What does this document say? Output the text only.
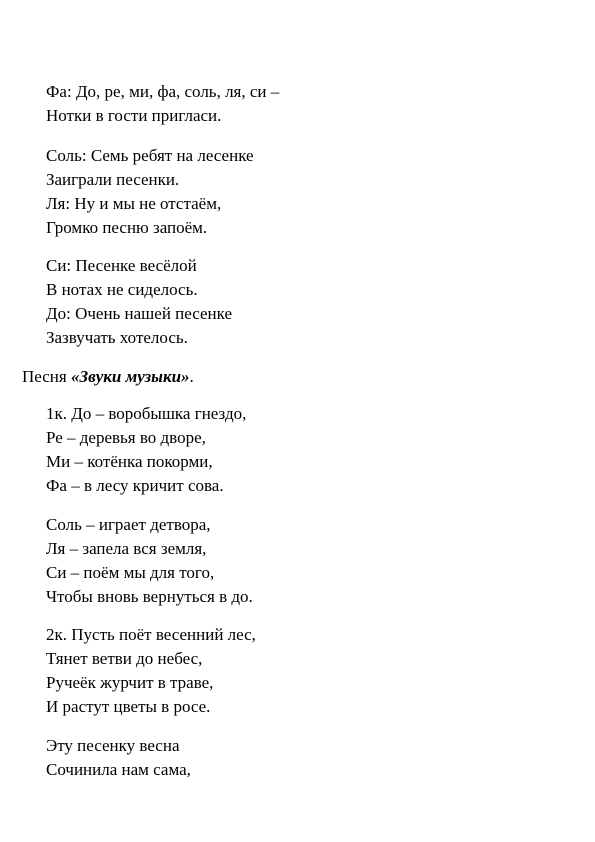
Фа: До, ре, ми, фа, соль, ля, си –
Нотки в гости пригласи.
Соль: Семь ребят на лесенке
Заиграли песенки.
Ля: Ну и мы не отстаём,
Громко песню запоём.
Си: Песенке весёлой
В нотах не сиделось.
До: Очень нашей песенке
Зазвучать хотелось.
Песня «Звуки музыки».
1к. До – воробышка гнездо,
Ре – деревья во дворе,
Ми – котёнка покорми,
Фа – в лесу кричит сова.
Соль – играет детвора,
Ля – запела вся земля,
Си – поём мы для того,
Чтобы вновь вернуться в до.
2к. Пусть поёт весенний лес,
Тянет ветви до небес,
Ручеёк журчит в траве,
И растут цветы в росе.
Эту песенку весна
Сочинила нам сама,
